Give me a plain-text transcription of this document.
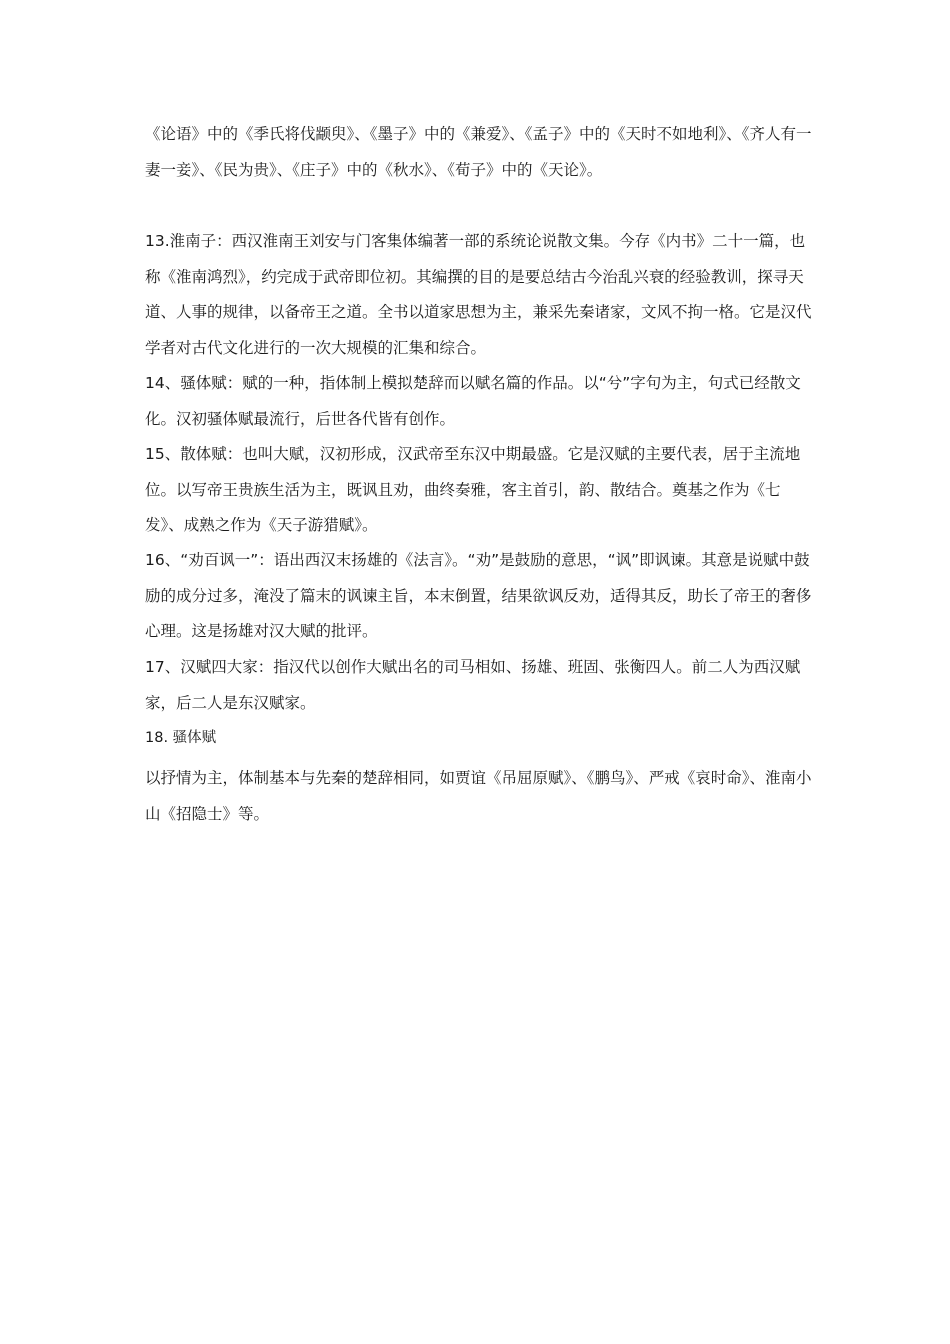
《论语》中的《季氏将伐颛臾》、《墨子》中的《兼爱》、《孟子》中的《天时不如地利》、《齐人有一妻一妾》、《民为贵》、《庄子》中的《秋水》、《荀子》中的《天论》。

13.淮南子：西汉淮南王刘安与门客集体编著一部的系统论说散文集。今存《内书》二十一篇，也称《淮南鸿烈》，约完成于武帝即位初。其编撰的目的是要总结古今治乱兴衰的经验教训，探寻天道、人事的规律，以备帝王之道。全书以道家思想为主，兼采先秦诸家，文风不拘一格。它是汉代学者对古代文化进行的一次大规模的汇集和综合。

14、骚体赋：赋的一种，指体制上模拟楚辞而以赋名篇的作品。以“兮”字句为主，句式已经散文化。汉初骚体赋最流行，后世各代皆有创作。

15、散体赋：也叫大赋，汉初形成，汉武帝至东汉中期最盛。它是汉赋的主要代表，居于主流地位。以写帝王贵族生活为主，既讽且劝，曲终奏雅，客主首引，韵、散结合。奠基之作为《七发》、成熟之作为《天子游猎赋》。

16、“劝百讽一”：语出西汉末扬雄的《法言》。“劝”是鼓励的意思，“讽”即讽谏。其意是说赋中鼓励的成分过多，淹没了篇末的讽谏主旨，本末倒置，结果欲讽反劝，适得其反，助长了帝王的奢侈心理。这是扬雄对汉大赋的批评。

17、汉赋四大家：指汉代以创作大赋出名的司马相如、扬雄、班固、张衡四人。前二人为西汉赋家，后二人是东汉赋家。

18. 骚体赋

以抒情为主，体制基本与先秦的楚辞相同，如贾谊《吊屈原赋》、《鹏鸟》、严戒《哀时命》、淮南小山《招隐士》等。
